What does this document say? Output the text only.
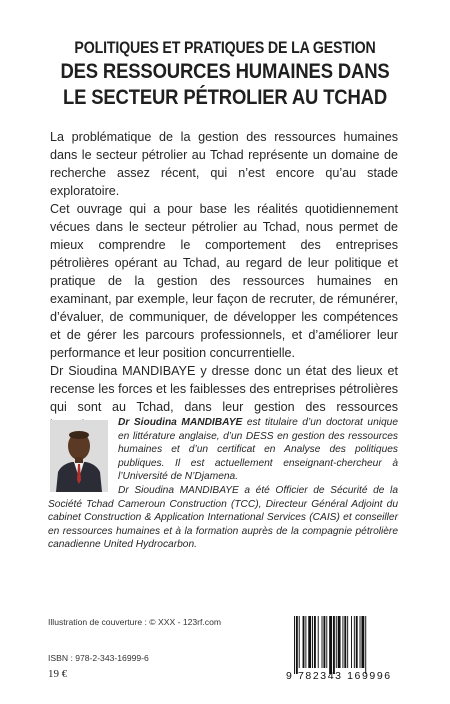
POLITIQUES ET PRATIQUES DE LA GESTION
DES RESSOURCES HUMAINES DANS
LE SECTEUR PÉTROLIER AU TCHAD

La problématique de la gestion des ressources humaines dans le secteur pétrolier au Tchad représente un domaine de recherche assez récent, qui n’est encore qu’au stade exploratoire.

Cet ouvrage qui a pour base les réalités quotidiennement vécues dans le secteur pétrolier au Tchad, nous permet de mieux comprendre le comportement des entreprises pétrolières opérant au Tchad, au regard de leur politique et pratique de la gestion des ressources humaines en examinant, par exemple, leur façon de recruter, de rémunérer, d’évaluer, de communiquer, de développer les compétences et de gérer les parcours professionnels, et d’améliorer leur performance et leur position concurrentielle.

Dr Sioudina MANDIBAYE y dresse donc un état des lieux et recense les forces et les faiblesses des entreprises pétrolières qui sont au Tchad, dans leur gestion des ressources

Dr Sioudina MANDIBAYE est titulaire d’un doctorat unique en littérature anglaise, d’un DESS en gestion des ressources humaines et d’un certificat en Analyse des politiques publiques. Il est actuellement enseignant-chercheur à l’Université de N’Djamena.

Dr Sioudina MANDIBAYE a été Officier de Sécurité de la Société Tchad Cameroun Construction (TCC), Directeur Général Adjoint du cabinet Construction & Application International Services (CAIS) et conseiller en ressources humaines et à la formation auprès de la compagnie pétrolière canadienne United Hydrocarbon.

Illustration de couverture : © XXX - 123rf.com
ISBN : 978-2-343-16999-6
19 €	9 782343 169996
